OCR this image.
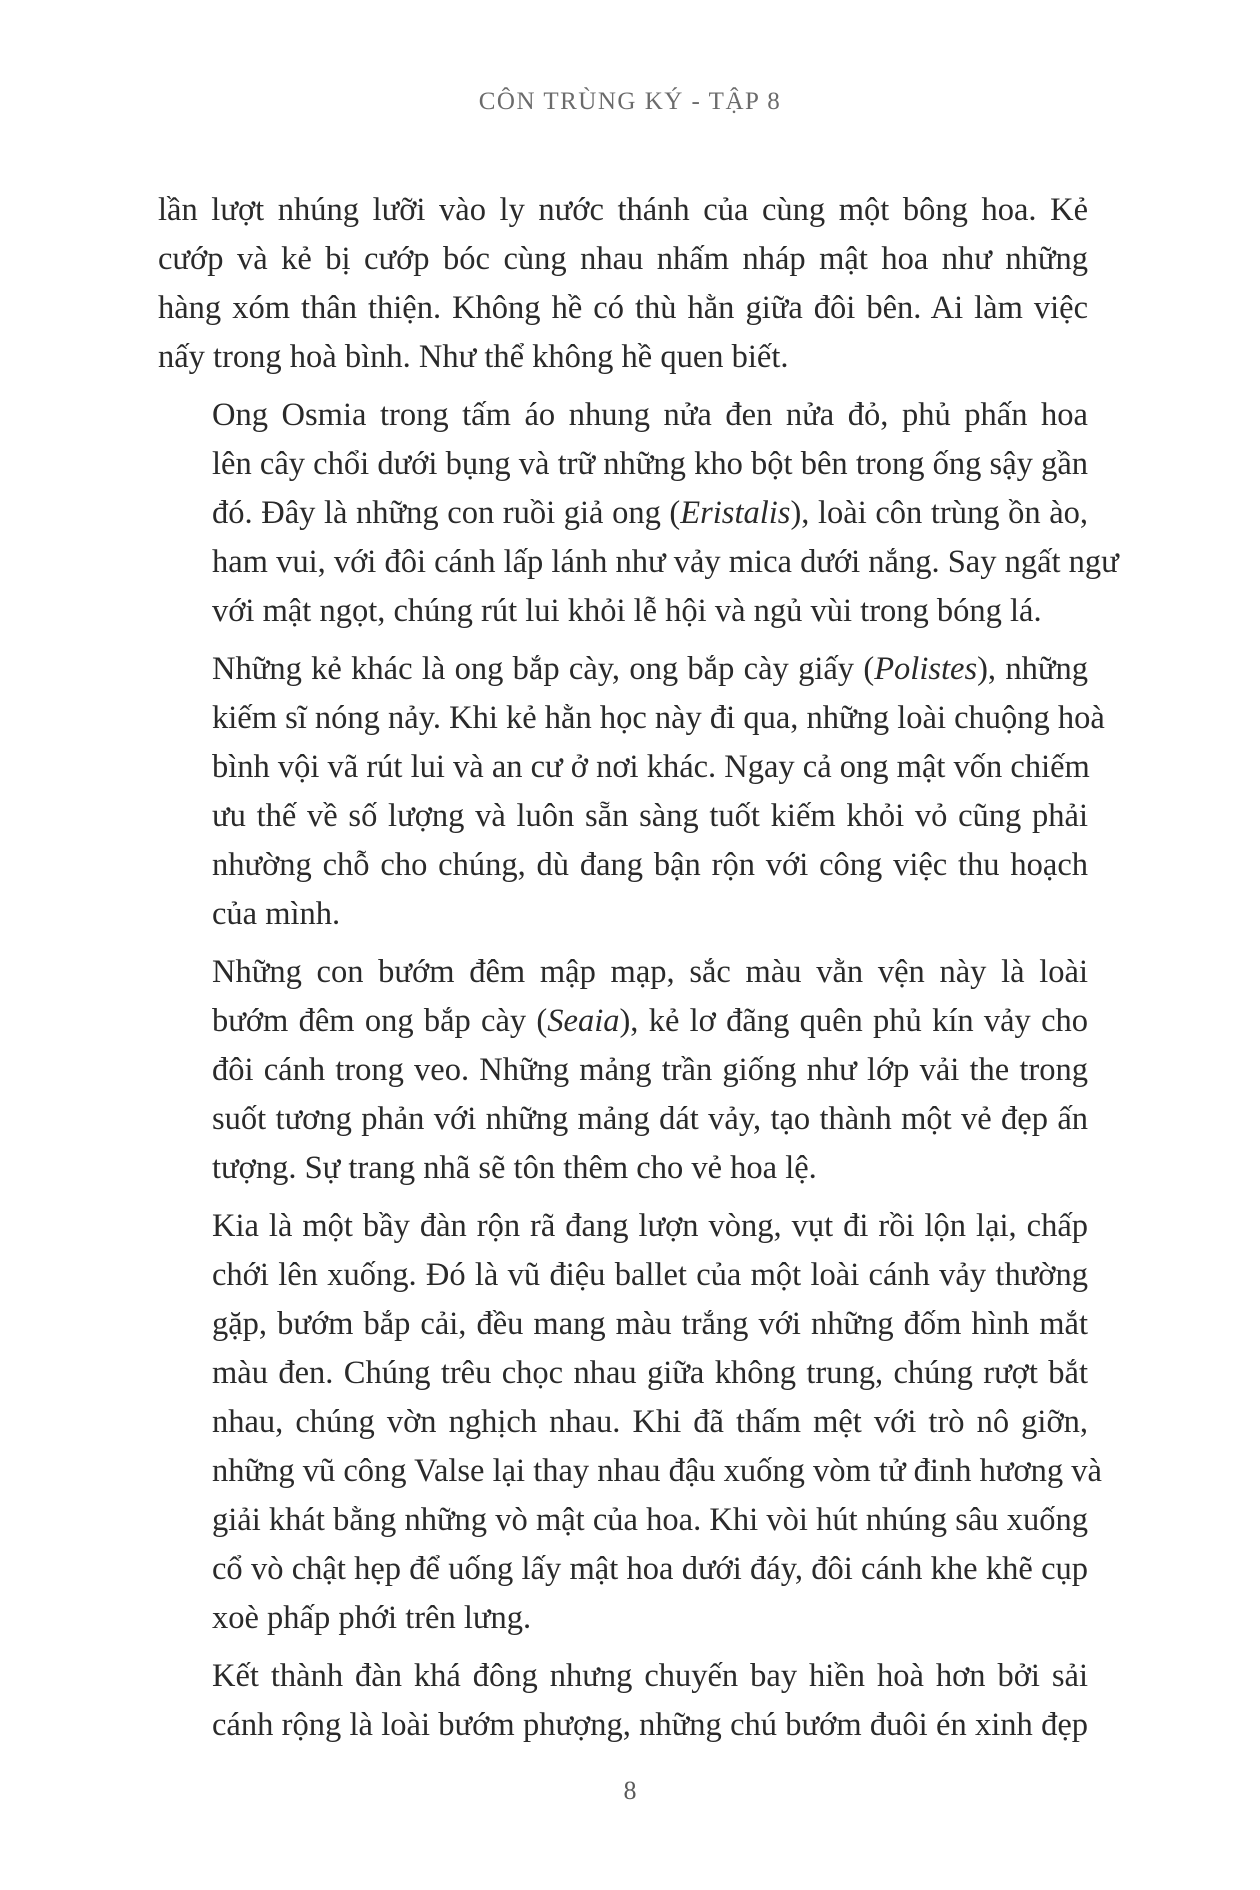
CÔN TRÙNG KÝ - TẬP 8
lần lượt nhúng lưỡi vào ly nước thánh của cùng một bông hoa. Kẻ
cướp và kẻ bị cướp bóc cùng nhau nhấm nháp mật hoa như những
hàng xóm thân thiện. Không hề có thù hằn giữa đôi bên. Ai làm việc
nấy trong hoà bình. Như thể không hề quen biết.
Ong Osmia trong tấm áo nhung nửa đen nửa đỏ, phủ phấn hoa
lên cây chổi dưới bụng và trữ những kho bột bên trong ống sậy gần
đó. Đây là những con ruồi giả ong (Eristalis), loài côn trùng ồn ào,
ham vui, với đôi cánh lấp lánh như vảy mica dưới nắng. Say ngất ngư
với mật ngọt, chúng rút lui khỏi lễ hội và ngủ vùi trong bóng lá.
Những kẻ khác là ong bắp cày, ong bắp cày giấy (Polistes), những
kiếm sĩ nóng nảy. Khi kẻ hằn học này đi qua, những loài chuộng hoà
bình vội vã rút lui và an cư ở nơi khác. Ngay cả ong mật vốn chiếm
ưu thế về số lượng và luôn sẵn sàng tuốt kiếm khỏi vỏ cũng phải
nhường chỗ cho chúng, dù đang bận rộn với công việc thu hoạch
của mình.
Những con bướm đêm mập mạp, sắc màu vằn vện này là loài
bướm đêm ong bắp cày (Seaia), kẻ lơ đãng quên phủ kín vảy cho
đôi cánh trong veo. Những mảng trần giống như lớp vải the trong
suốt tương phản với những mảng dát vảy, tạo thành một vẻ đẹp ấn
tượng. Sự trang nhã sẽ tôn thêm cho vẻ hoa lệ.
Kia là một bầy đàn rộn rã đang lượn vòng, vụt đi rồi lộn lại, chấp
chới lên xuống. Đó là vũ điệu ballet của một loài cánh vảy thường
gặp, bướm bắp cải, đều mang màu trắng với những đốm hình mắt
màu đen. Chúng trêu chọc nhau giữa không trung, chúng rượt bắt
nhau, chúng vờn nghịch nhau. Khi đã thấm mệt với trò nô giỡn,
những vũ công Valse lại thay nhau đậu xuống vòm tử đinh hương và
giải khát bằng những vò mật của hoa. Khi vòi hút nhúng sâu xuống
cổ vò chật hẹp để uống lấy mật hoa dưới đáy, đôi cánh khe khẽ cụp
xoè phấp phới trên lưng.
Kết thành đàn khá đông nhưng chuyến bay hiền hoà hơn bởi sải
cánh rộng là loài bướm phượng, những chú bướm đuôi én xinh đẹp
8
